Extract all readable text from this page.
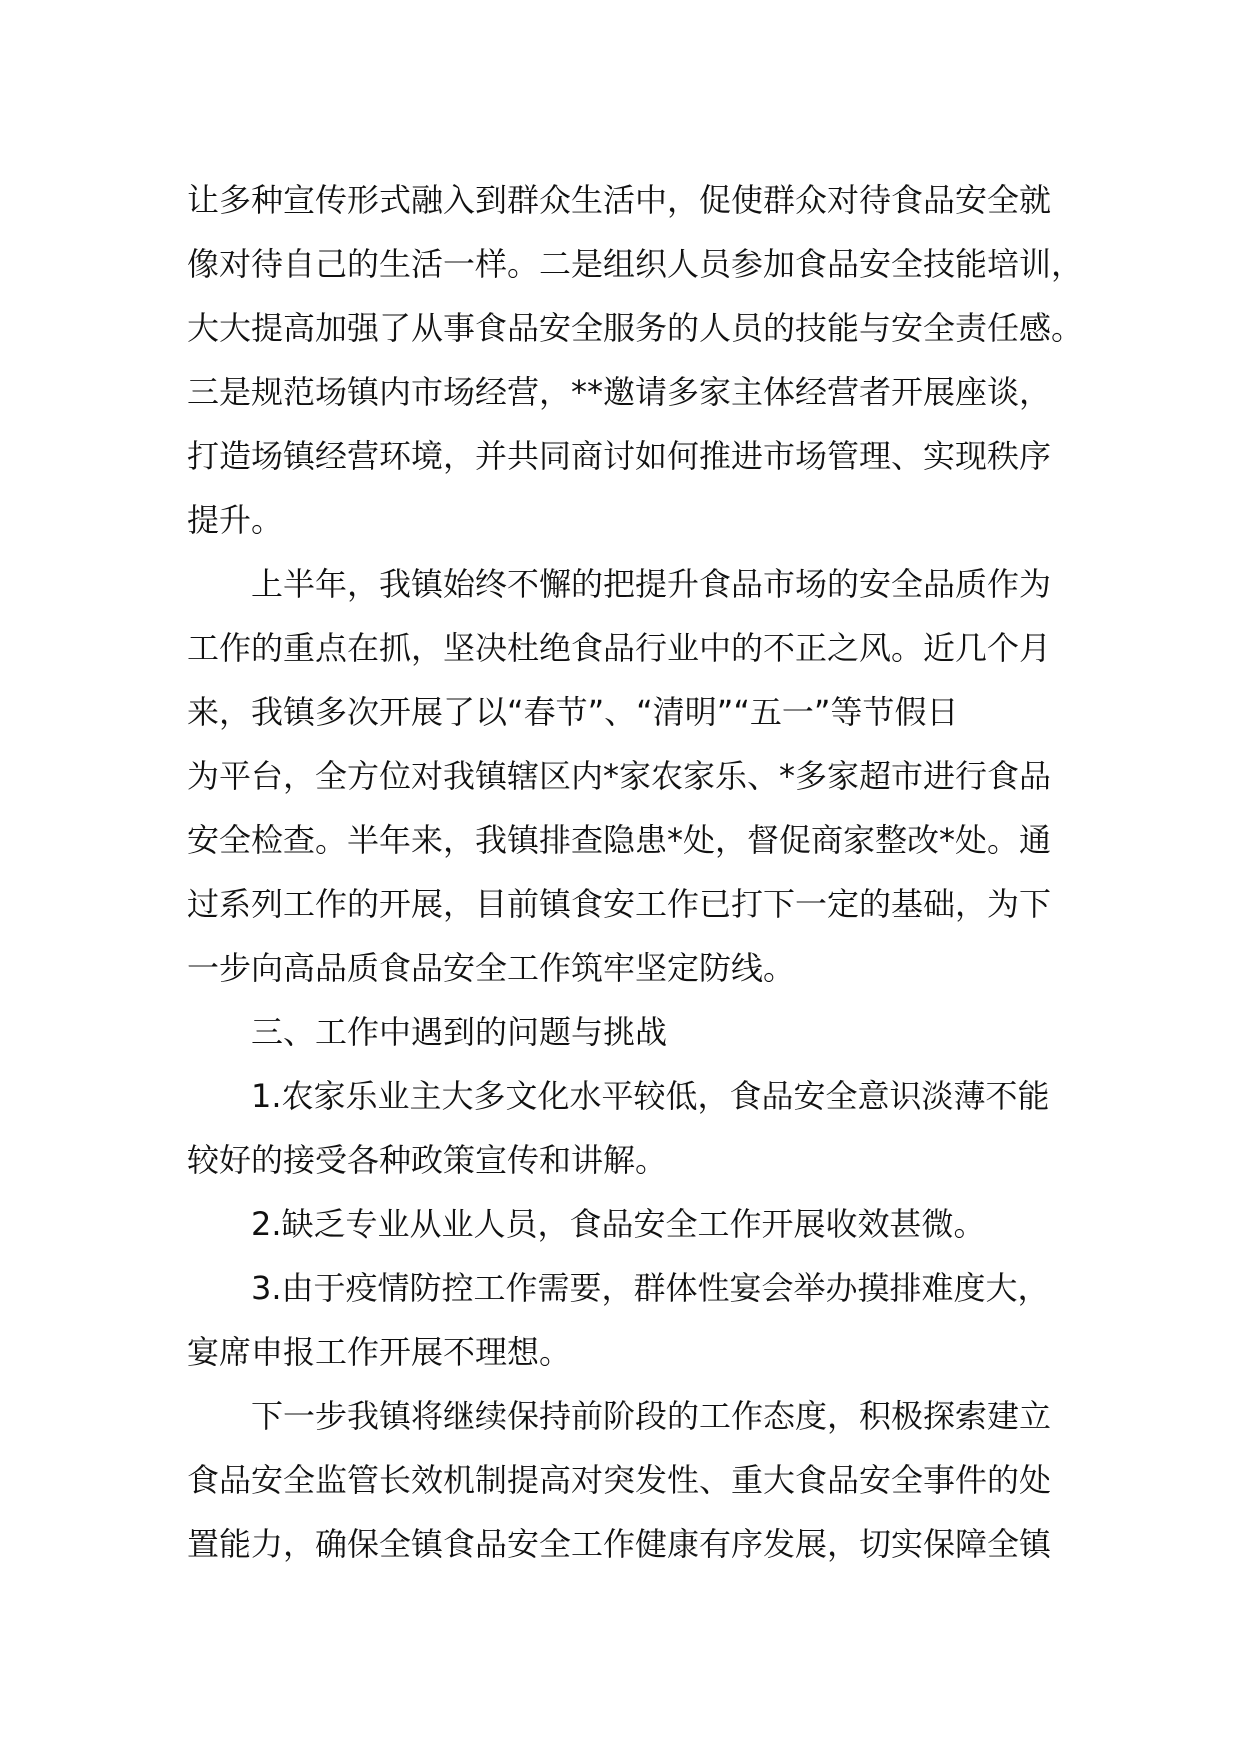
让多种宣传形式融入到群众生活中，促使群众对待食品安全就
像对待自己的生活一样。二是组织人员参加食品安全技能培训，
大大提高加强了从事食品安全服务的人员的技能与安全责任感。
三是规范场镇内市场经营，**邀请多家主体经营者开展座谈，
打造场镇经营环境，并共同商讨如何推进市场管理、实现秩序
提升。

上半年，我镇始终不懈的把提升食品市场的安全品质作为
工作的重点在抓，坚决杜绝食品行业中的不正之风。近几个月
来，我镇多次开展了以“春节”、“清明”“五一”等节假日
为平台，全方位对我镇辖区内*家农家乐、*多家超市进行食品
安全检查。半年来，我镇排查隐患*处，督促商家整改*处。通
过系列工作的开展，目前镇食安工作已打下一定的基础，为下
一步向高品质食品安全工作筑牢坚定防线。

三、工作中遇到的问题与挑战

1.农家乐业主大多文化水平较低，食品安全意识淡薄不能
较好的接受各种政策宣传和讲解。

2.缺乏专业从业人员，食品安全工作开展收效甚微。

3.由于疫情防控工作需要，群体性宴会举办摸排难度大，
宴席申报工作开展不理想。

下一步我镇将继续保持前阶段的工作态度，积极探索建立
食品安全监管长效机制提高对突发性、重大食品安全事件的处
置能力，确保全镇食品安全工作健康有序发展，切实保障全镇
